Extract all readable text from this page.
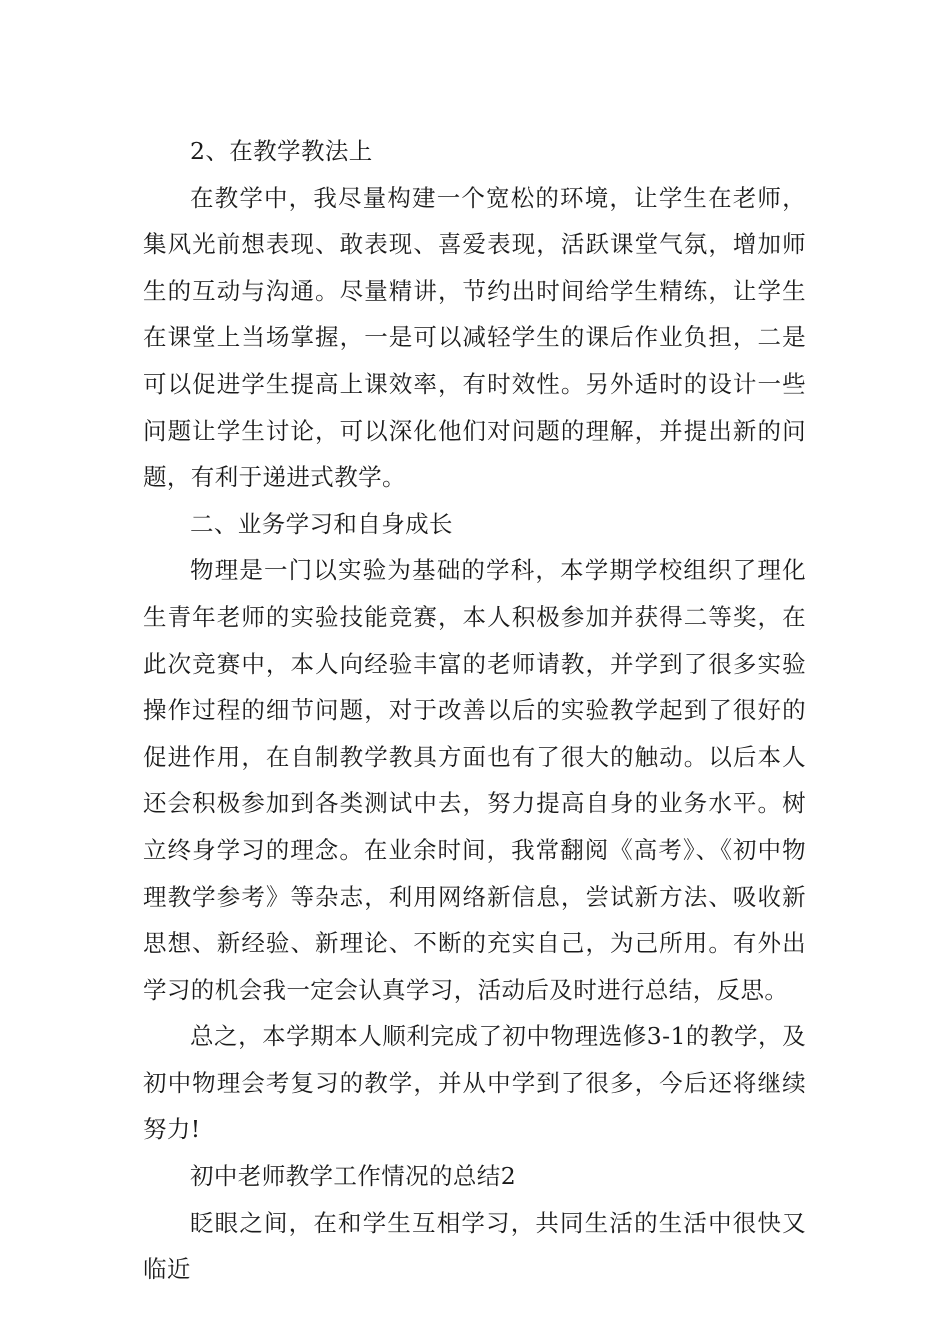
2、在教学教法上

在教学中，我尽量构建一个宽松的环境，让学生在老师，集风光前想表现、敢表现、喜爱表现，活跃课堂气氛，增加师生的互动与沟通。尽量精讲，节约出时间给学生精练，让学生在课堂上当场掌握，一是可以减轻学生的课后作业负担，二是可以促进学生提高上课效率，有时效性。另外适时的设计一些问题让学生讨论，可以深化他们对问题的理解，并提出新的问题，有利于递进式教学。

二、业务学习和自身成长

物理是一门以实验为基础的学科，本学期学校组织了理化生青年老师的实验技能竞赛，本人积极参加并获得二等奖，在此次竞赛中，本人向经验丰富的老师请教，并学到了很多实验操作过程的细节问题，对于改善以后的实验教学起到了很好的促进作用，在自制教学教具方面也有了很大的触动。以后本人还会积极参加到各类测试中去，努力提高自身的业务水平。树立终身学习的理念。在业余时间，我常翻阅《高考》、《初中物理教学参考》等杂志，利用网络新信息，尝试新方法、吸收新思想、新经验、新理论、不断的充实自己，为己所用。有外出学习的机会我一定会认真学习，活动后及时进行总结，反思。

总之，本学期本人顺利完成了初中物理选修3-1的教学，及初中物理会考复习的教学，并从中学到了很多，今后还将继续努力!

初中老师教学工作情况的总结2

眨眼之间，在和学生互相学习，共同生活的生活中很快又临近
